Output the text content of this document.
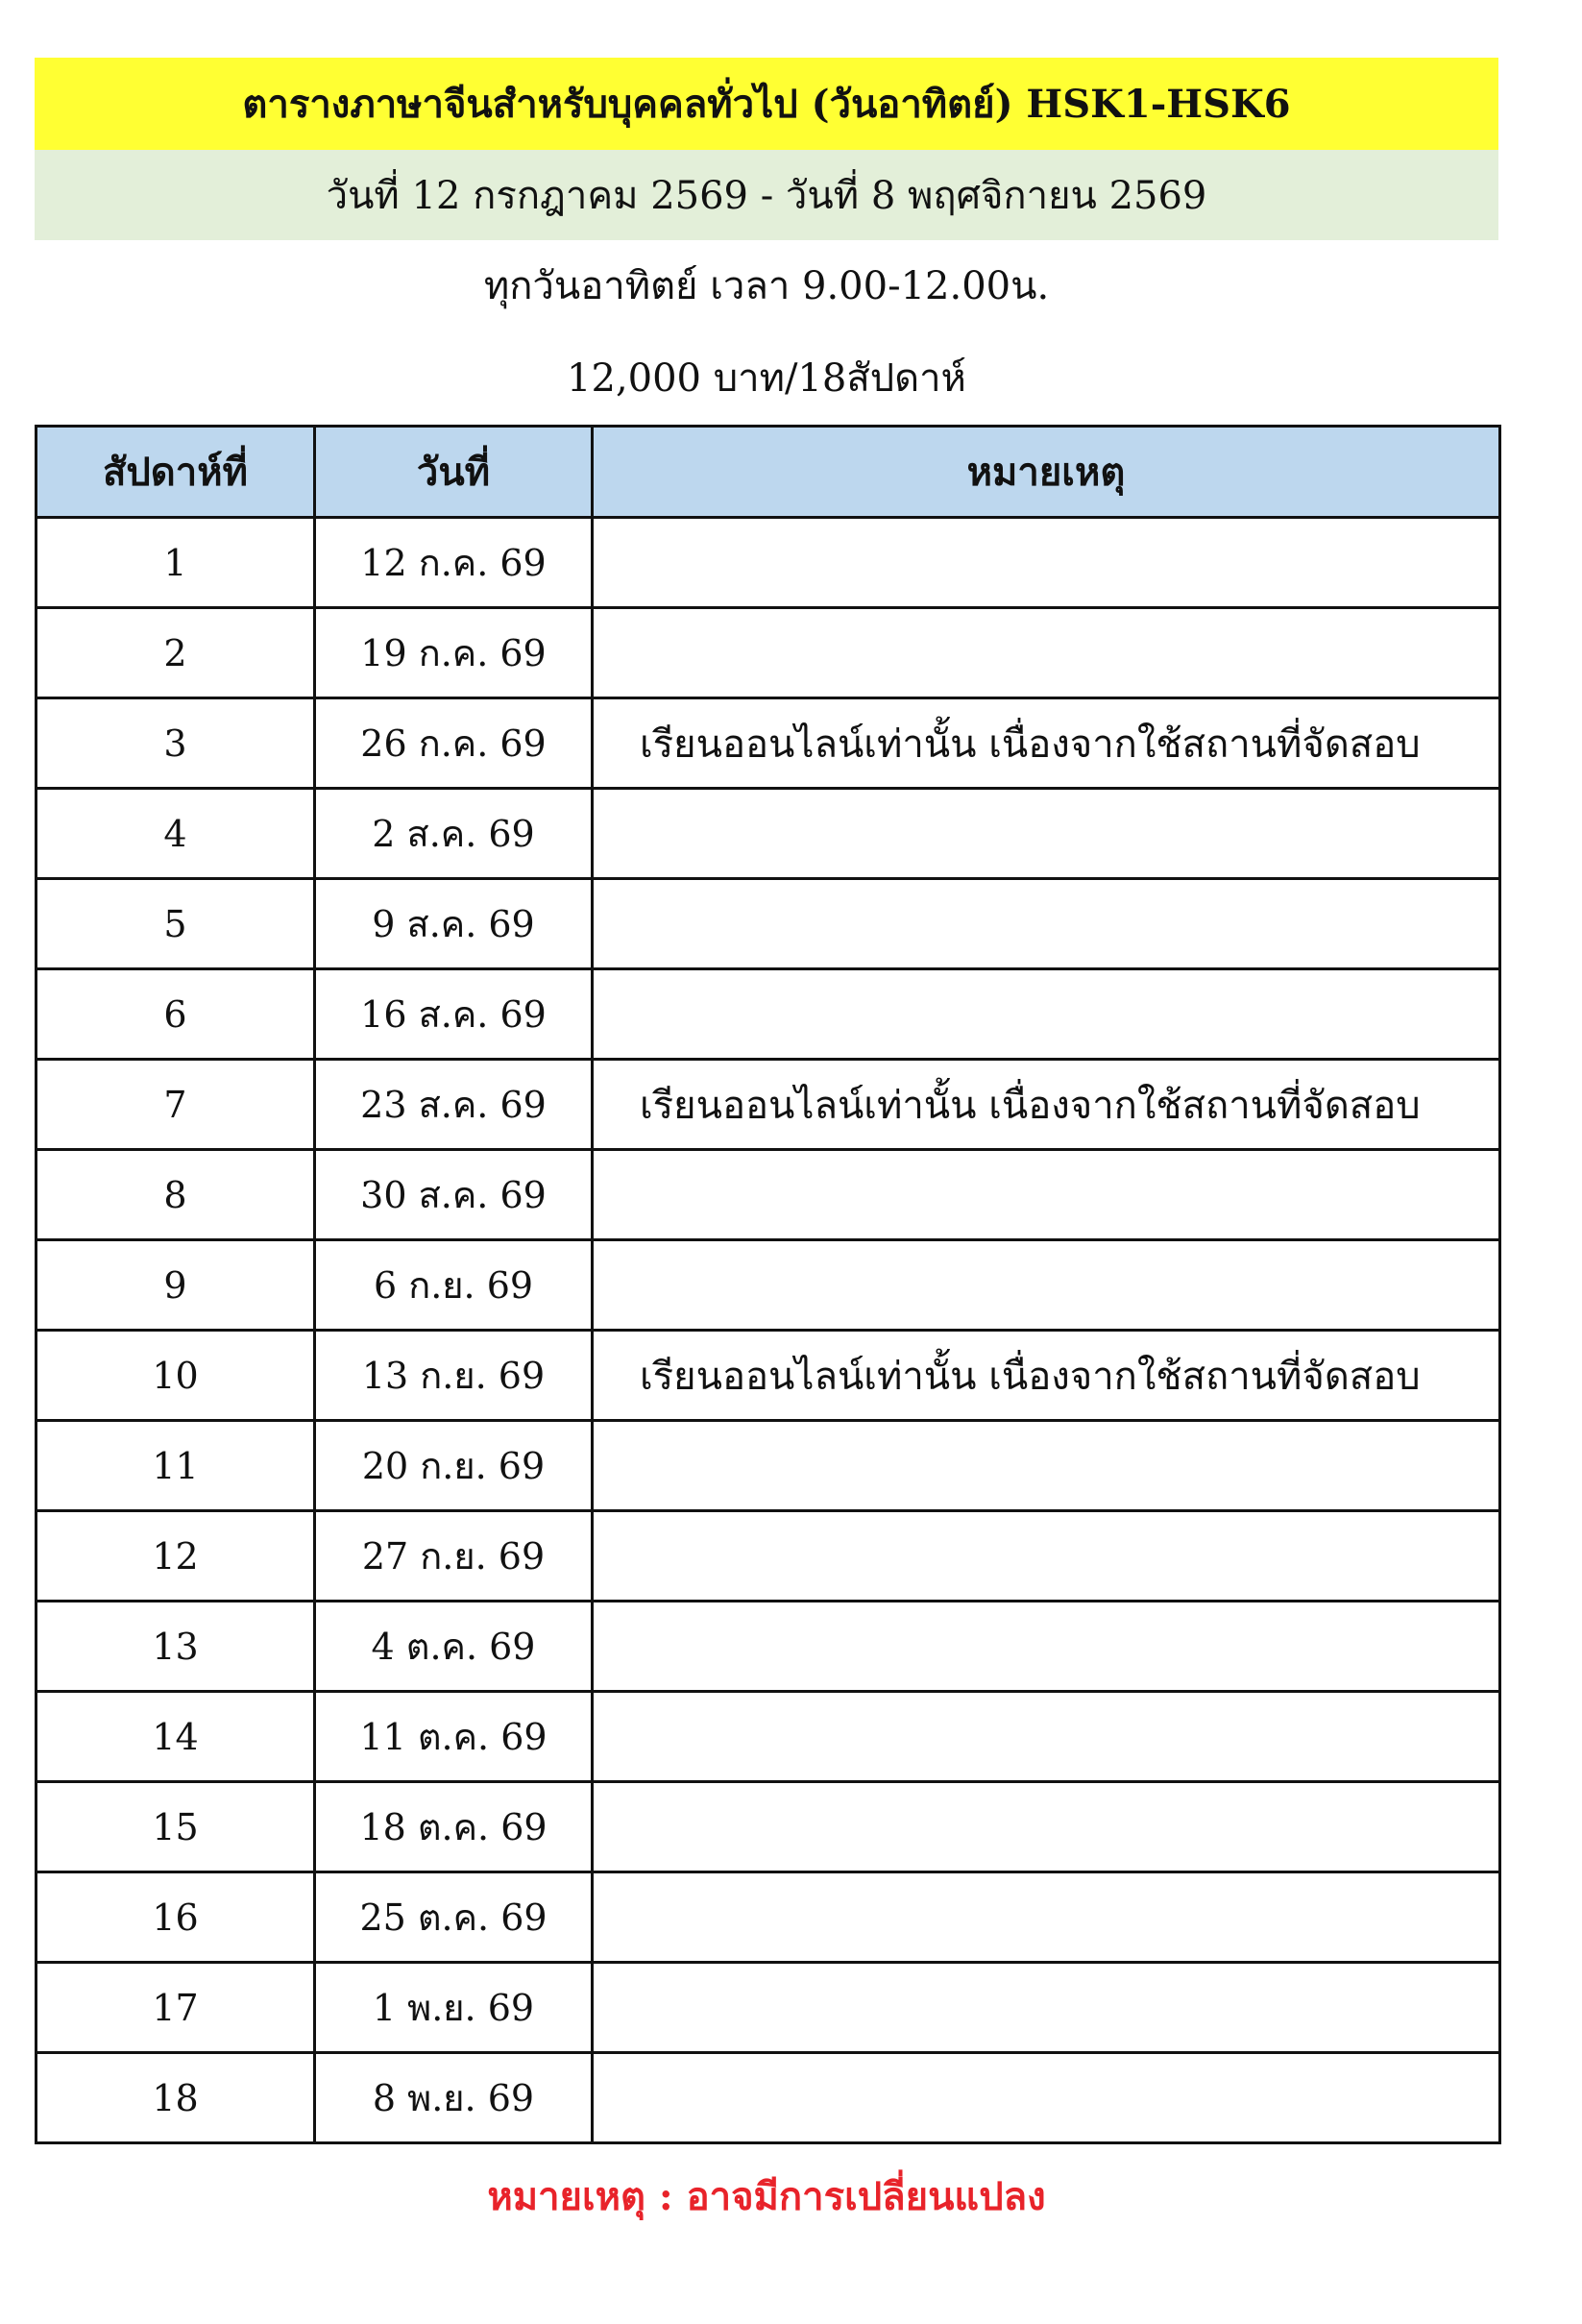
ตารางภาษาจีนสำหรับบุคคลทั่วไป (วันอาทิตย์) HSK1-HSK6
วันที่ 12 กรกฎาคม 2569 - วันที่ 8 พฤศจิกายน 2569
ทุกวันอาทิตย์ เวลา 9.00-12.00น.
12,000 บาท/18สัปดาห์
สัปดาห์ที่	วันที่	หมายเหตุ
1	12 ก.ค. 69	
2	19 ก.ค. 69	
3	26 ก.ค. 69	เรียนออนไลน์เท่านั้น เนื่องจากใช้สถานที่จัดสอบ
4	2 ส.ค. 69	
5	9 ส.ค. 69	
6	16 ส.ค. 69	
7	23 ส.ค. 69	เรียนออนไลน์เท่านั้น เนื่องจากใช้สถานที่จัดสอบ
8	30 ส.ค. 69	
9	6 ก.ย. 69	
10	13 ก.ย. 69	เรียนออนไลน์เท่านั้น เนื่องจากใช้สถานที่จัดสอบ
11	20 ก.ย. 69	
12	27 ก.ย. 69	
13	4 ต.ค. 69	
14	11 ต.ค. 69	
15	18 ต.ค. 69	
16	25 ต.ค. 69	
17	1 พ.ย. 69	
18	8 พ.ย. 69	
หมายเหตุ : อาจมีการเปลี่ยนแปลง
